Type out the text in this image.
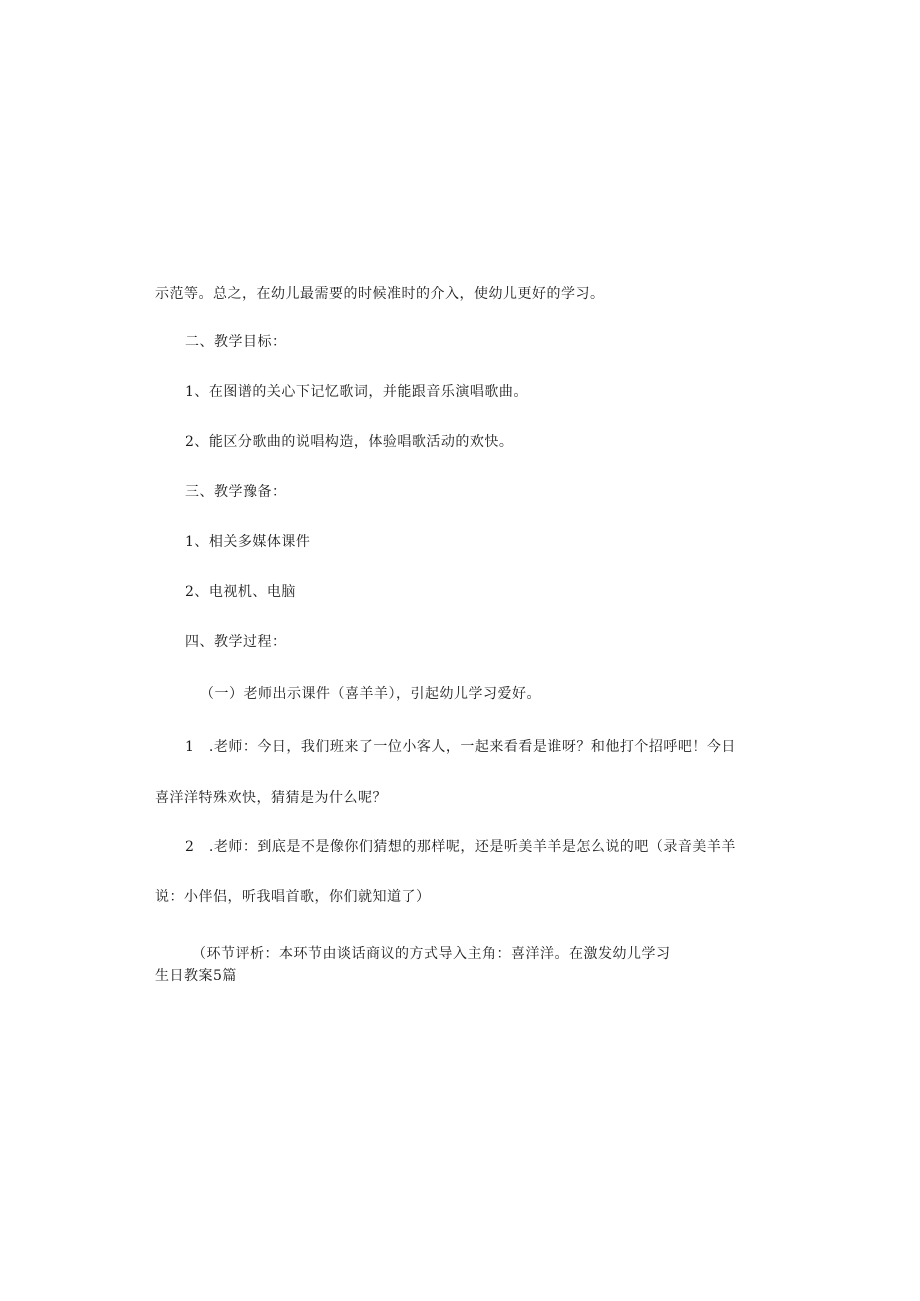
示范等。总之，在幼儿最需要的时候准时的介入，使幼儿更好的学习。
二、教学目标：
1、在图谱的关心下记忆歌词，并能跟音乐演唱歌曲。
2、能区分歌曲的说唱构造，体验唱歌活动的欢快。
三、教学豫备：
1、相关多媒体课件
2、电视机、电脑
四、教学过程：
（一）老师出示课件（喜羊羊），引起幼儿学习爱好。
1　.老师：今日，我们班来了一位小客人，一起来看看是谁呀？和他打个招呼吧！今日
喜洋洋特殊欢快，猜猜是为什么呢？
2　.老师：到底是不是像你们猜想的那样呢，还是听美羊羊是怎么说的吧（录音美羊羊
说：小伴侣，听我唱首歌，你们就知道了）
（环节评析：本环节由谈话商议的方式导入主角：喜洋洋。在激发幼儿学习
生日教案5篇
